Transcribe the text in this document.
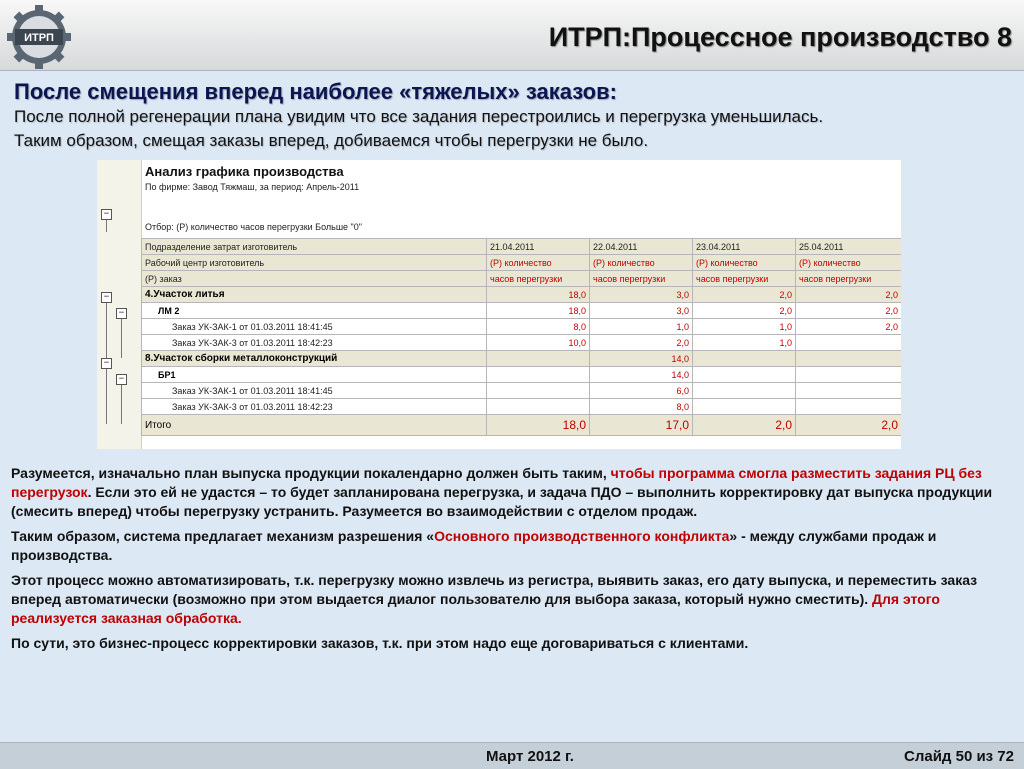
ИТРП	ИТРП:Процессное производство 8
После смещения вперед наиболее «тяжелых» заказов:
После полной регенерации плана увидим что все задания перестроились и перегрузка уменьшилась.
Таким образом, смещая заказы вперед, добиваемся чтобы перегрузки не было.
−
−
−
−
−
Анализ графика производства
По фирме: Завод Тяжмаш, за период: Апрель-2011
Отбор: (Р) количество часов перегрузки Больше "0"
Подразделение затрат изготовитель	21.04.2011	22.04.2011	23.04.2011	25.04.2011
Рабочий центр изготовитель	(Р) количество	(Р) количество	(Р) количество	(Р) количество
(Р) заказ	часов перегрузки	часов перегрузки	часов перегрузки	часов перегрузки
4.Участок литья	18,0	3,0	2,0	2,0
ЛМ 2	18,0	3,0	2,0	2,0
Заказ УК-ЗАК-1 от 01.03.2011 18:41:45	8,0	1,0	1,0	2,0
Заказ УК-ЗАК-3 от 01.03.2011 18:42:23	10,0	2,0	1,0	
8.Участок сборки металлоконструкций		14,0		
БР1		14,0		
Заказ УК-ЗАК-1 от 01.03.2011 18:41:45		6,0		
Заказ УК-ЗАК-3 от 01.03.2011 18:42:23		8,0		
Итого	18,0	17,0	2,0	2,0

Разумеется, изначально план выпуска продукции покалендарно должен быть таким, чтобы программа смогла разместить задания РЦ без перегрузок. Если это ей не удастся – то будет запланирована перегрузка, и задача ПДО – выполнить корректировку дат выпуска продукции (смесить вперед) чтобы перегрузку устранить. Разумеется во взаимодействии с отделом продаж.

Таким образом, система предлагает механизм разрешения «Основного производственного конфликта» - между службами продаж и производства.

Этот процесс можно автоматизировать, т.к. перегрузку можно извлечь из регистра, выявить заказ, его дату выпуска, и переместить заказ вперед автоматически (возможно при этом выдается диалог пользователю для выбора заказа, который нужно сместить). Для этого реализуется заказная обработка.

По сути, это бизнес-процесс корректировки заказов, т.к. при этом надо еще договариваться с клиентами.

Март 2012 г.	Слайд 50 из 72
